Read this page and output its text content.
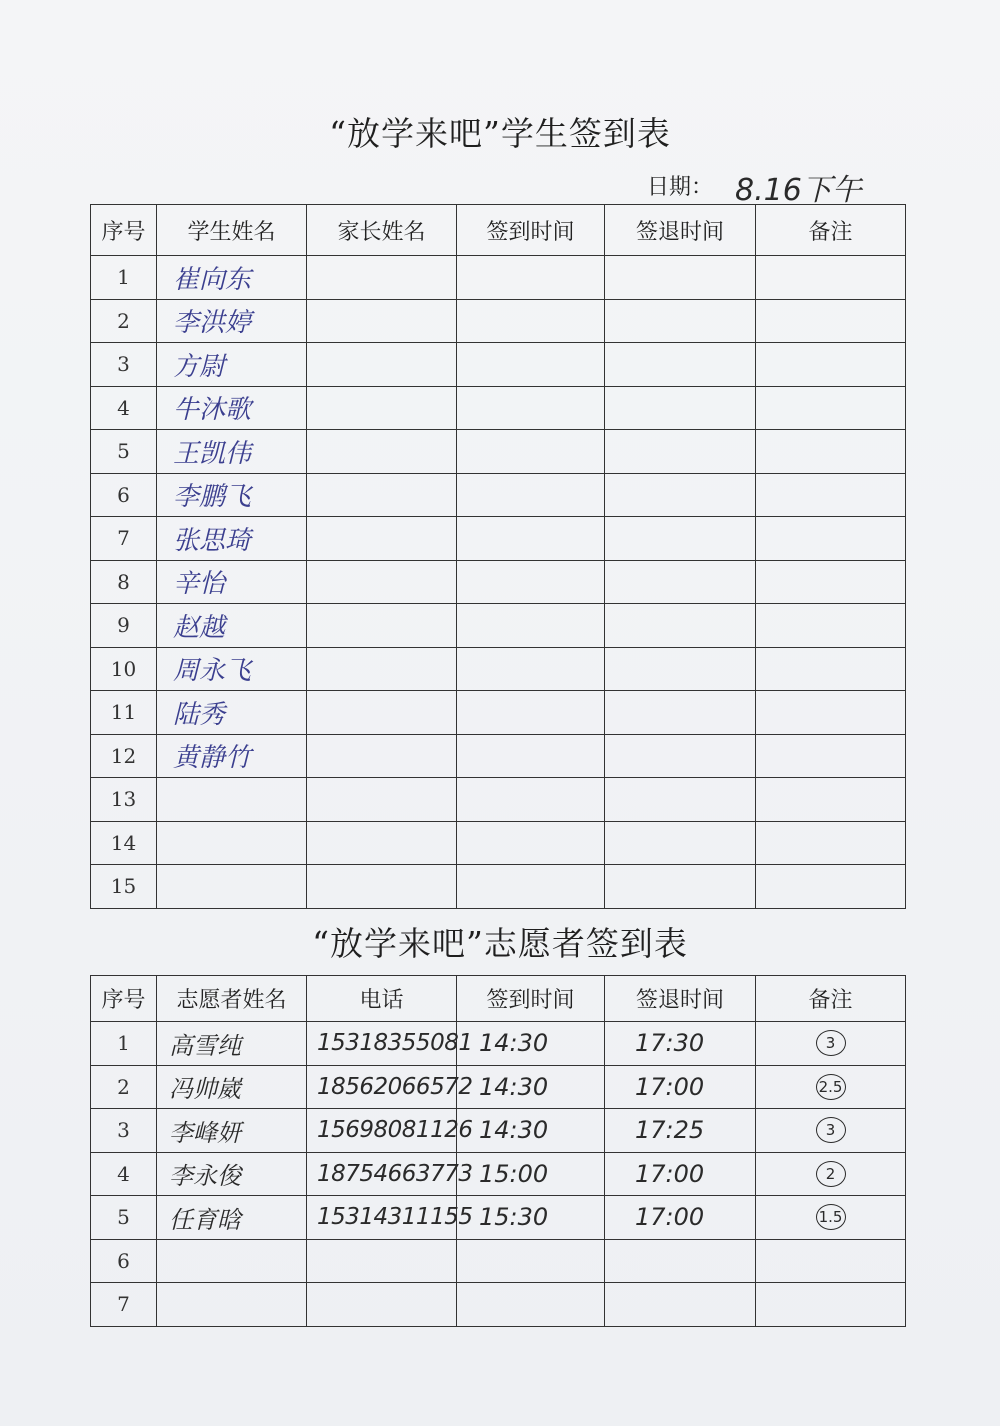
“放学来吧”学生签到表
日期： 8.16下午
序号	学生姓名	家长姓名	签到时间	签退时间	备注
1	崔向东				
2	李洪婷				
3	方尉				
4	牛沐歌				
5	王凯伟				
6	李鹏飞				
7	张思琦				
8	辛怡				
9	赵越				
10	周永飞				
11	陆秀				
12	黄静竹				
13					
14					
15					
“放学来吧”志愿者签到表
序号	志愿者姓名	电话	签到时间	签退时间	备注
1	高雪纯	15318355081	14:30	17:30	3
2	冯帅崴	18562066572	14:30	17:00	2.5
3	李峰妍	15698081126	14:30	17:25	3
4	李永俊	18754663773	15:00	17:00	2
5	任育晗	15314311155	15:30	17:00	1.5
6					
7					
